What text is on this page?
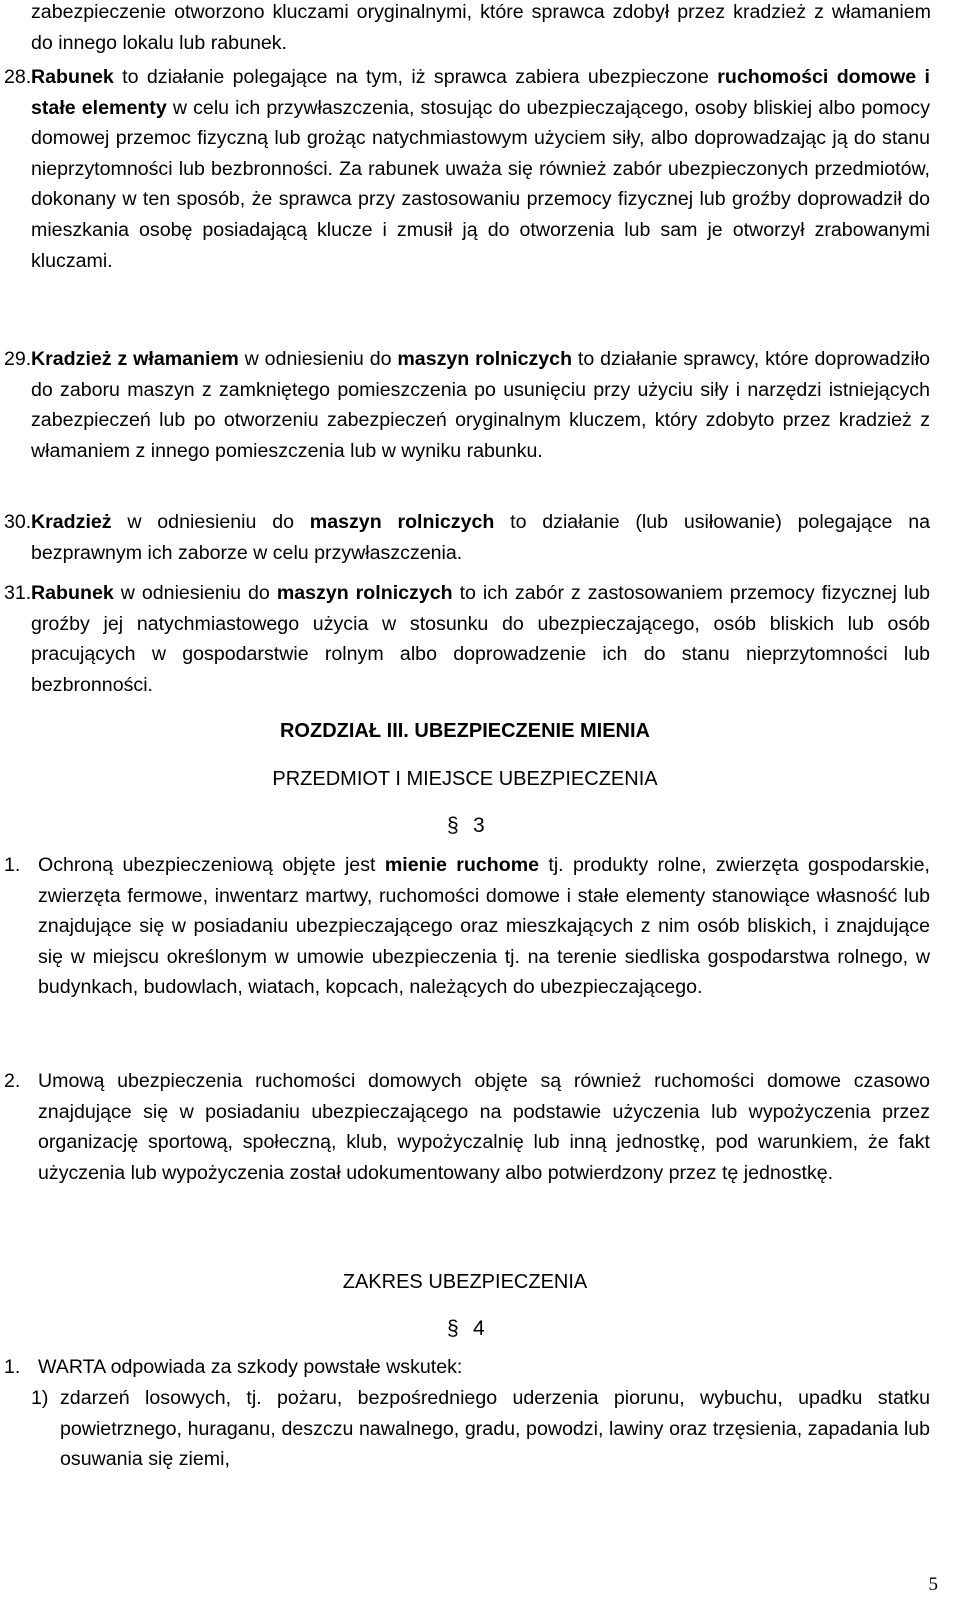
zabezpieczenie otworzono kluczami oryginalnymi, które sprawca zdobył przez kradzież z włamaniem do innego lokalu lub rabunek.
28. Rabunek to działanie polegające na tym, iż sprawca zabiera ubezpieczone ruchomości domowe i stałe elementy w celu ich przywłaszczenia, stosując do ubezpieczającego, osoby bliskiej albo pomocy domowej przemoc fizyczną lub grożąc natychmiastowym użyciem siły, albo doprowadzając ją do stanu nieprzytomności lub bezbronności. Za rabunek uważa się również zabór ubezpieczonych przedmiotów, dokonany w ten sposób, że sprawca przy zastosowaniu przemocy fizycznej lub groźby doprowadził do mieszkania osobę posiadającą klucze i zmusił ją do otworzenia lub sam je otworzył zrabowanymi kluczami.
29. Kradzież z włamaniem w odniesieniu do maszyn rolniczych to działanie sprawcy, które doprowadziło do zaboru maszyn z zamkniętego pomieszczenia po usunięciu przy użyciu siły i narzędzi istniejących zabezpieczeń lub po otworzeniu zabezpieczeń oryginalnym kluczem, który zdobyto przez kradzież z włamaniem z innego pomieszczenia lub w wyniku rabunku.
30. Kradzież w odniesieniu do maszyn rolniczych to działanie (lub usiłowanie) polegające na bezprawnym ich zaborze w celu przywłaszczenia.
31. Rabunek w odniesieniu do maszyn rolniczych to ich zabór z zastosowaniem przemocy fizycznej lub groźby jej natychmiastowego użycia w stosunku do ubezpieczającego, osób bliskich lub osób pracujących w gospodarstwie rolnym albo doprowadzenie ich do stanu nieprzytomności lub bezbronności.
ROZDZIAŁ III. UBEZPIECZENIE MIENIA
PRZEDMIOT I MIEJSCE UBEZPIECZENIA
§ 3
1. Ochroną ubezpieczeniową objęte jest mienie ruchome tj. produkty rolne, zwierzęta gospodarskie, zwierzęta fermowe, inwentarz martwy, ruchomości domowe i stałe elementy stanowiące własność lub znajdujące się w posiadaniu ubezpieczającego oraz mieszkających z nim osób bliskich, i znajdujące się w miejscu określonym w umowie ubezpieczenia tj. na terenie siedliska gospodarstwa rolnego, w budynkach, budowlach, wiatach, kopcach, należących do ubezpieczającego.
2. Umową ubezpieczenia ruchomości domowych objęte są również ruchomości domowe czasowo znajdujące się w posiadaniu ubezpieczającego na podstawie użyczenia lub wypożyczenia przez organizację sportową, społeczną, klub, wypożyczalnię lub inną jednostkę, pod warunkiem, że fakt użyczenia lub wypożyczenia został udokumentowany albo potwierdzony przez tę jednostkę.
ZAKRES UBEZPIECZENIA
§ 4
1. WARTA odpowiada za szkody powstałe wskutek:
1) zdarzeń losowych, tj. pożaru, bezpośredniego uderzenia piorunu, wybuchu, upadku statku powietrznego, huraganu, deszczu nawalnego, gradu, powodzi, lawiny oraz trzęsienia, zapadania lub osuwania się ziemi,
5
